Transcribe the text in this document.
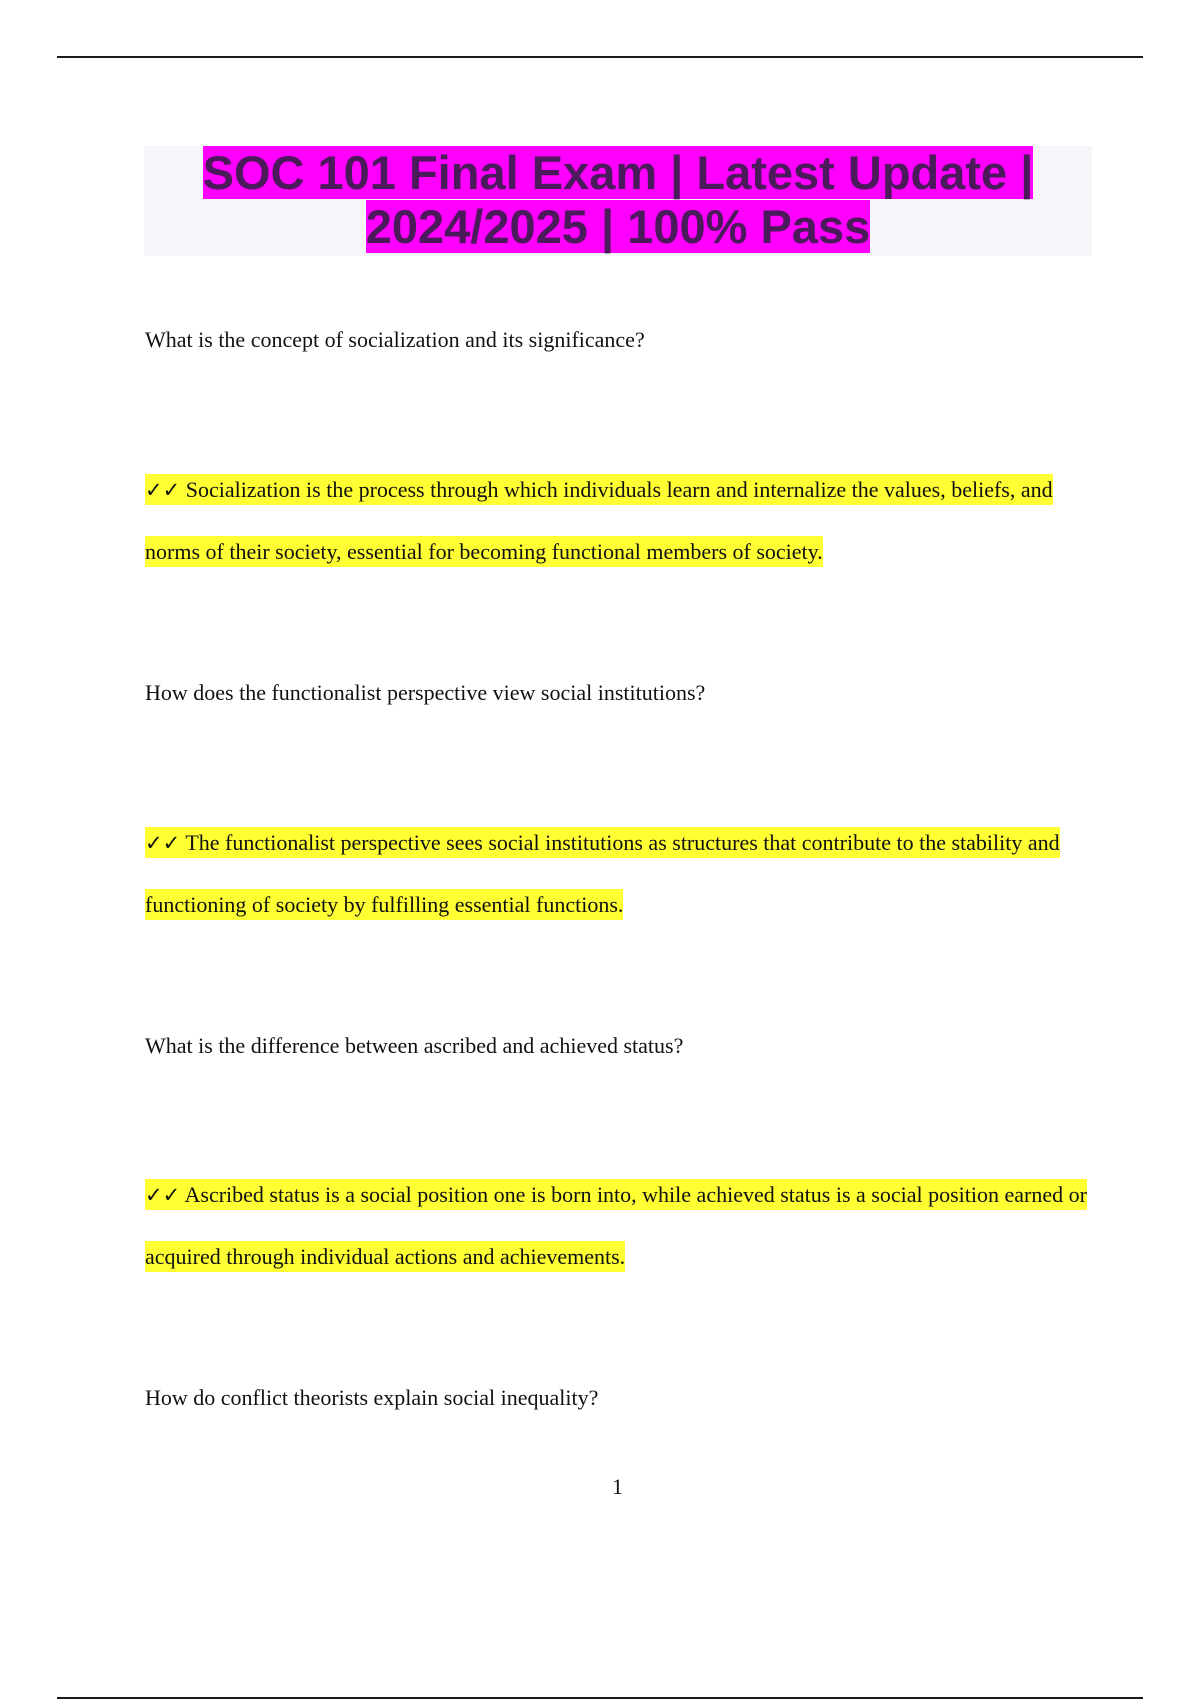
SOC 101 Final Exam | Latest Update | 2024/2025 | 100% Pass
What is the concept of socialization and its significance?
✓✓ Socialization is the process through which individuals learn and internalize the values, beliefs, and norms of their society, essential for becoming functional members of society.
How does the functionalist perspective view social institutions?
✓✓ The functionalist perspective sees social institutions as structures that contribute to the stability and functioning of society by fulfilling essential functions.
What is the difference between ascribed and achieved status?
✓✓ Ascribed status is a social position one is born into, while achieved status is a social position earned or acquired through individual actions and achievements.
How do conflict theorists explain social inequality?
1
